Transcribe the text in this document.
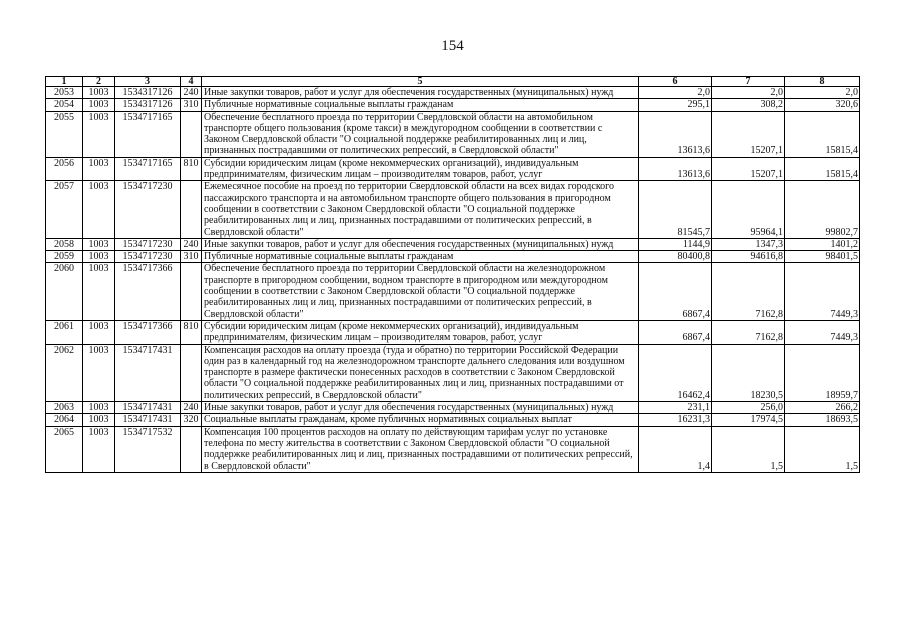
154
1	2	3	4	5	6	7	8
2053	1003	1534317126	240	Иные закупки товаров, работ и услуг для обеспечения государственных (муниципальных) нужд	2,0	2,0	2,0
2054	1003	1534317126	310	Публичные нормативные социальные выплаты гражданам	295,1	308,2	320,6
2055	1003	1534717165		Обеспечение бесплатного проезда по территории Свердловской области на автомобильном транспорте общего пользования (кроме такси) в междугородном сообщении в соответствии с Законом Свердловской области "О социальной поддержке реабилитированных лиц и лиц, признанных пострадавшими от политических репрессий, в Свердловской области"	13613,6	15207,1	15815,4
2056	1003	1534717165	810	Субсидии юридическим лицам (кроме некоммерческих организаций), индивидуальным предпринимателям, физическим лицам – производителям товаров, работ, услуг	13613,6	15207,1	15815,4
2057	1003	1534717230		Ежемесячное пособие на проезд по территории Свердловской области на всех видах городского пассажирского транспорта и на автомобильном транспорте общего пользования в пригородном сообщении в соответствии с Законом Свердловской области "О социальной поддержке реабилитированных лиц и лиц, признанных пострадавшими от политических репрессий, в Свердловской области"	81545,7	95964,1	99802,7
2058	1003	1534717230	240	Иные закупки товаров, работ и услуг для обеспечения государственных (муниципальных) нужд	1144,9	1347,3	1401,2
2059	1003	1534717230	310	Публичные нормативные социальные выплаты гражданам	80400,8	94616,8	98401,5
2060	1003	1534717366		Обеспечение бесплатного проезда по территории Свердловской области на железнодорожном транспорте в пригородном сообщении, водном транспорте в пригородном или междугородном сообщении в соответствии с Законом Свердловской области "О социальной поддержке реабилитированных лиц и лиц, признанных пострадавшими от политических репрессий, в Свердловской области"	6867,4	7162,8	7449,3
2061	1003	1534717366	810	Субсидии юридическим лицам (кроме некоммерческих организаций), индивидуальным предпринимателям, физическим лицам – производителям товаров, работ, услуг	6867,4	7162,8	7449,3
2062	1003	1534717431		Компенсация расходов на оплату проезда (туда и обратно) по территории Российской Федерации один раз в календарный год на железнодорожном транспорте дальнего следования или воздушном транспорте в размере фактически понесенных расходов в соответствии с Законом Свердловской области "О социальной поддержке реабилитированных лиц и лиц, признанных пострадавшими от политических репрессий, в Свердловской области"	16462,4	18230,5	18959,7
2063	1003	1534717431	240	Иные закупки товаров, работ и услуг для обеспечения государственных (муниципальных) нужд	231,1	256,0	266,2
2064	1003	1534717431	320	Социальные выплаты гражданам, кроме публичных нормативных социальных выплат	16231,3	17974,5	18693,5
2065	1003	1534717532		Компенсация 100 процентов расходов на оплату по действующим тарифам услуг по установке телефона по месту жительства в соответствии с Законом Свердловской области "О социальной поддержке реабилитированных лиц и лиц, признанных пострадавшими от политических репрессий, в Свердловской области"	1,4	1,5	1,5
